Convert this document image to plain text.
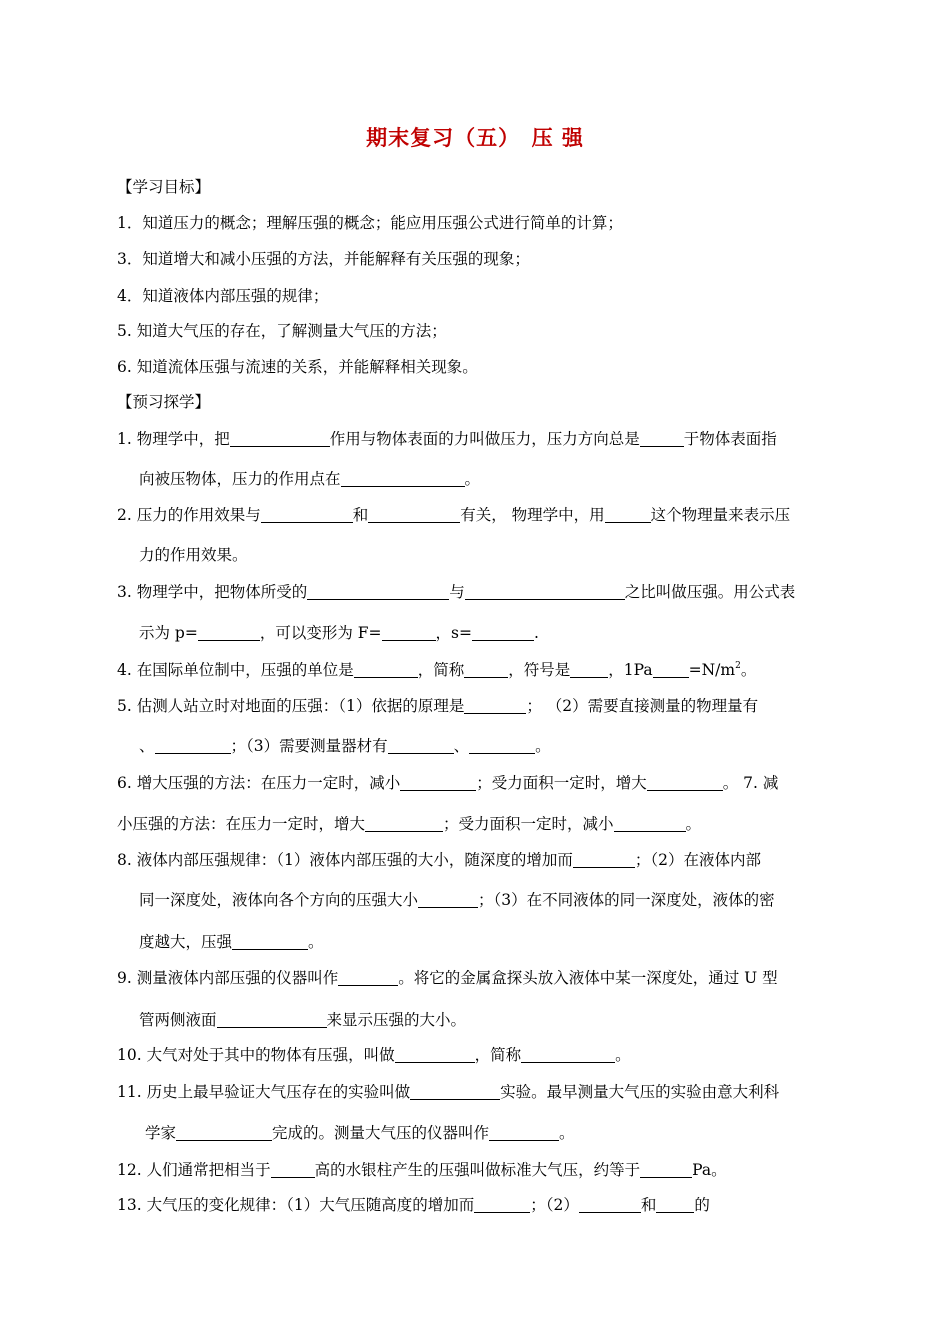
期末复习（五）　压 强
【学习目标】
1．知道压力的概念；理解压强的概念；能应用压强公式进行简单的计算；
3．知道增大和减小压强的方法，并能解释有关压强的现象；
4．知道液体内部压强的规律；
5. 知道大气压的存在，了解测量大气压的方法；
6. 知道流体压强与流速的关系，并能解释相关现象。
【预习探学】
1. 物理学中，把	作用与物体表面的力叫做压力，压力方向总是	于物体表面指
向被压物体，压力的作用点在	。
2. 压力的作用效果与	和	有关， 物理学中，用	这个物理量来表示压
力的作用效果。
3. 物理学中，把物体所受的	与	之比叫做压强。用公式表
示为 p=	，可以变形为 F=	，s=	.
4. 在国际单位制中，压强的单位是	，简称	，符号是 ，$1Pa =N/m^2$。
5. 估测人站立时对地面的压强：（1）依据的原理是	； （2）需要直接测量的物理量有
、	；（3）需要测量器材有	、	。
6. 增大压强的方法：在压力一定时，减小	；受力面积一定时，增大	。 7. 减
小压强的方法：在压力一定时，增大	；受力面积一定时，减小	。
8. 液体内部压强规律：（1）液体内部压强的大小，随深度的增加而	；（2）在液体内部
同一深度处，液体向各个方向的压强大小	；（3）在不同液体的同一深度处，液体的密
度越大，压强	。
9. 测量液体内部压强的仪器叫作	。将它的金属盒探头放入液体中某一深度处，通过 U 型
管两侧液面	来显示压强的大小。
10. 大气对处于其中的物体有压强，叫做	，简称	。
11. 历史上最早验证大气压存在的实验叫做	实验。最早测量大气压的实验由意大利科
学家	完成的。测量大气压的仪器叫作	。
12. 人们通常把相当于	高的水银柱产生的压强叫做标准大气压，约等于	Pa。
13. 大气压的变化规律：（1）大气压随高度的增加而	；（2）	和 的
